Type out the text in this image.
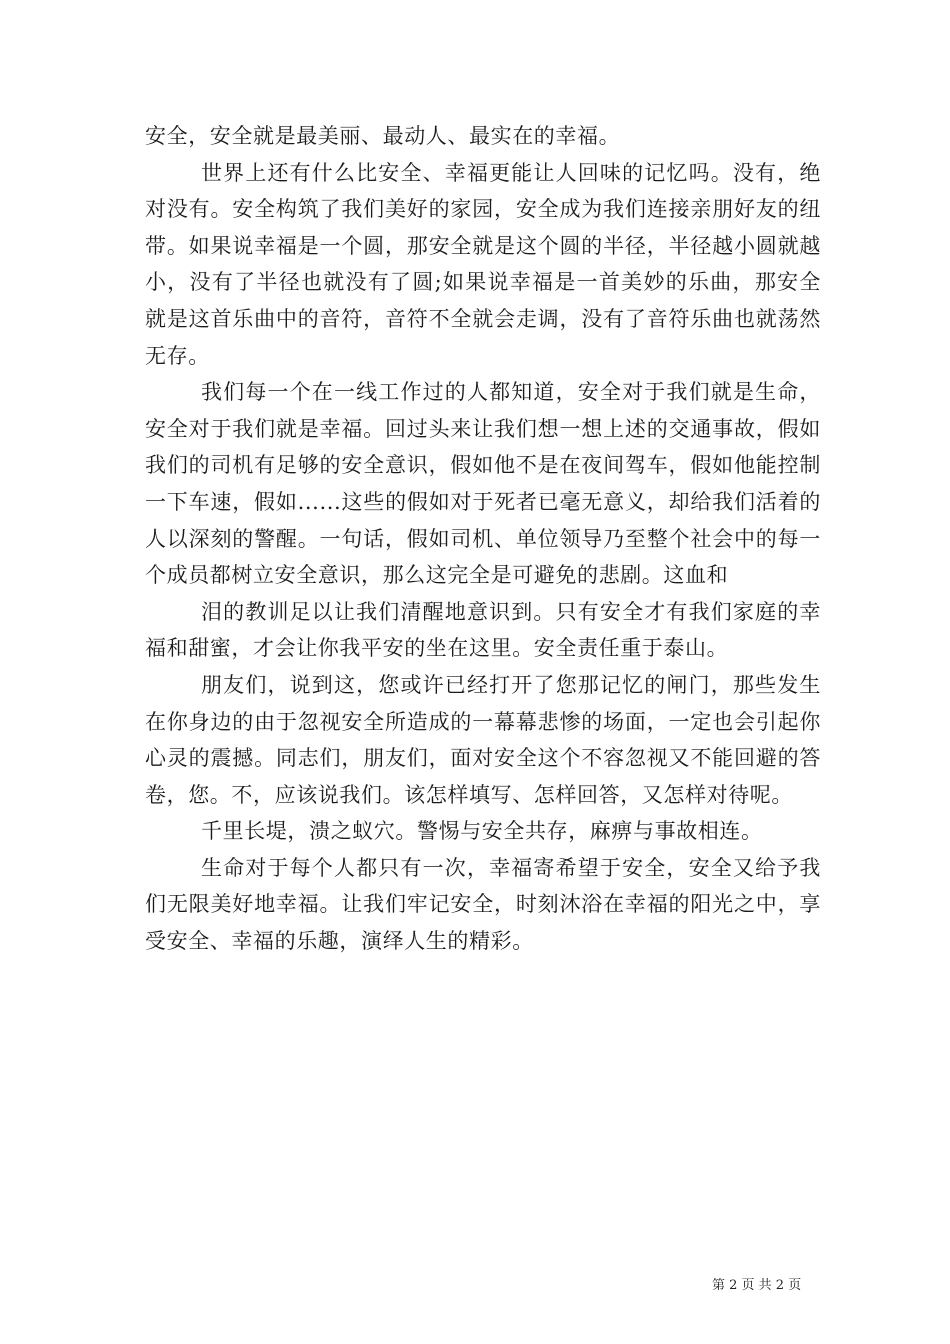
安全，安全就是最美丽、最动人、最实在的幸福。

世界上还有什么比安全、幸福更能让人回味的记忆吗。没有，绝对没有。安全构筑了我们美好的家园，安全成为我们连接亲朋好友的纽带。如果说幸福是一个圆，那安全就是这个圆的半径，半径越小圆就越小，没有了半径也就没有了圆;如果说幸福是一首美妙的乐曲，那安全就是这首乐曲中的音符，音符不全就会走调，没有了音符乐曲也就荡然无存。

我们每一个在一线工作过的人都知道，安全对于我们就是生命，安全对于我们就是幸福。回过头来让我们想一想上述的交通事故，假如我们的司机有足够的安全意识，假如他不是在夜间驾车，假如他能控制一下车速，假如......这些的假如对于死者已毫无意义，却给我们活着的人以深刻的警醒。一句话，假如司机、单位领导乃至整个社会中的每一个成员都树立安全意识，那么这完全是可避免的悲剧。这血和

泪的教训足以让我们清醒地意识到。只有安全才有我们家庭的幸福和甜蜜，才会让你我平安的坐在这里。安全责任重于泰山。

朋友们，说到这，您或许已经打开了您那记忆的闸门，那些发生在你身边的由于忽视安全所造成的一幕幕悲惨的场面，一定也会引起你心灵的震撼。同志们，朋友们，面对安全这个不容忽视又不能回避的答卷，您。不，应该说我们。该怎样填写、怎样回答，又怎样对待呢。

千里长堤，溃之蚁穴。警惕与安全共存，麻痹与事故相连。

生命对于每个人都只有一次，幸福寄希望于安全，安全又给予我们无限美好地幸福。让我们牢记安全，时刻沐浴在幸福的阳光之中，享受安全、幸福的乐趣，演绎人生的精彩。

第 2 页 共 2 页
